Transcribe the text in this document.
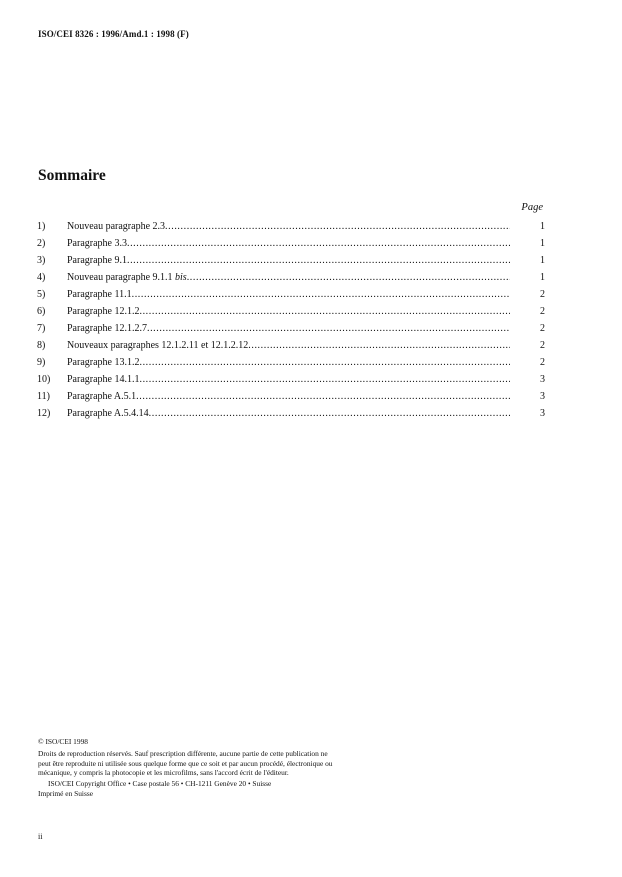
ISO/CEI 8326 : 1996/Amd.1 : 1998 (F)
Sommaire
Page
1) Nouveau paragraphe 2.3 .....	1
2) Paragraphe 3.3 .....	1
3) Paragraphe 9.1 .....	1
4) Nouveau paragraphe 9.1.1 bis .....	1
5) Paragraphe 11.1 .....	2
6) Paragraphe 12.1.2 .....	2
7) Paragraphe 12.1.2.7 .....	2
8) Nouveaux paragraphes 12.1.2.11 et 12.1.2.12 .....	2
9) Paragraphe 13.1.2 .....	2
10) Paragraphe 14.1.1 .....	3
11) Paragraphe A.5.1 .....	3
12) Paragraphe A.5.4.14 .....	3
© ISO/CEI 1998
Droits de reproduction réservés. Sauf prescription différente, aucune partie de cette publication ne
peut être reproduite ni utilisée sous quelque forme que ce soit et par aucun procédé, électronique ou
mécanique, y compris la photocopie et les microfilms, sans l'accord écrit de l'éditeur.
ISO/CEI Copyright Office • Case postale 56 • CH-1211 Genève 20 • Suisse
Imprimé en Suisse
ii
